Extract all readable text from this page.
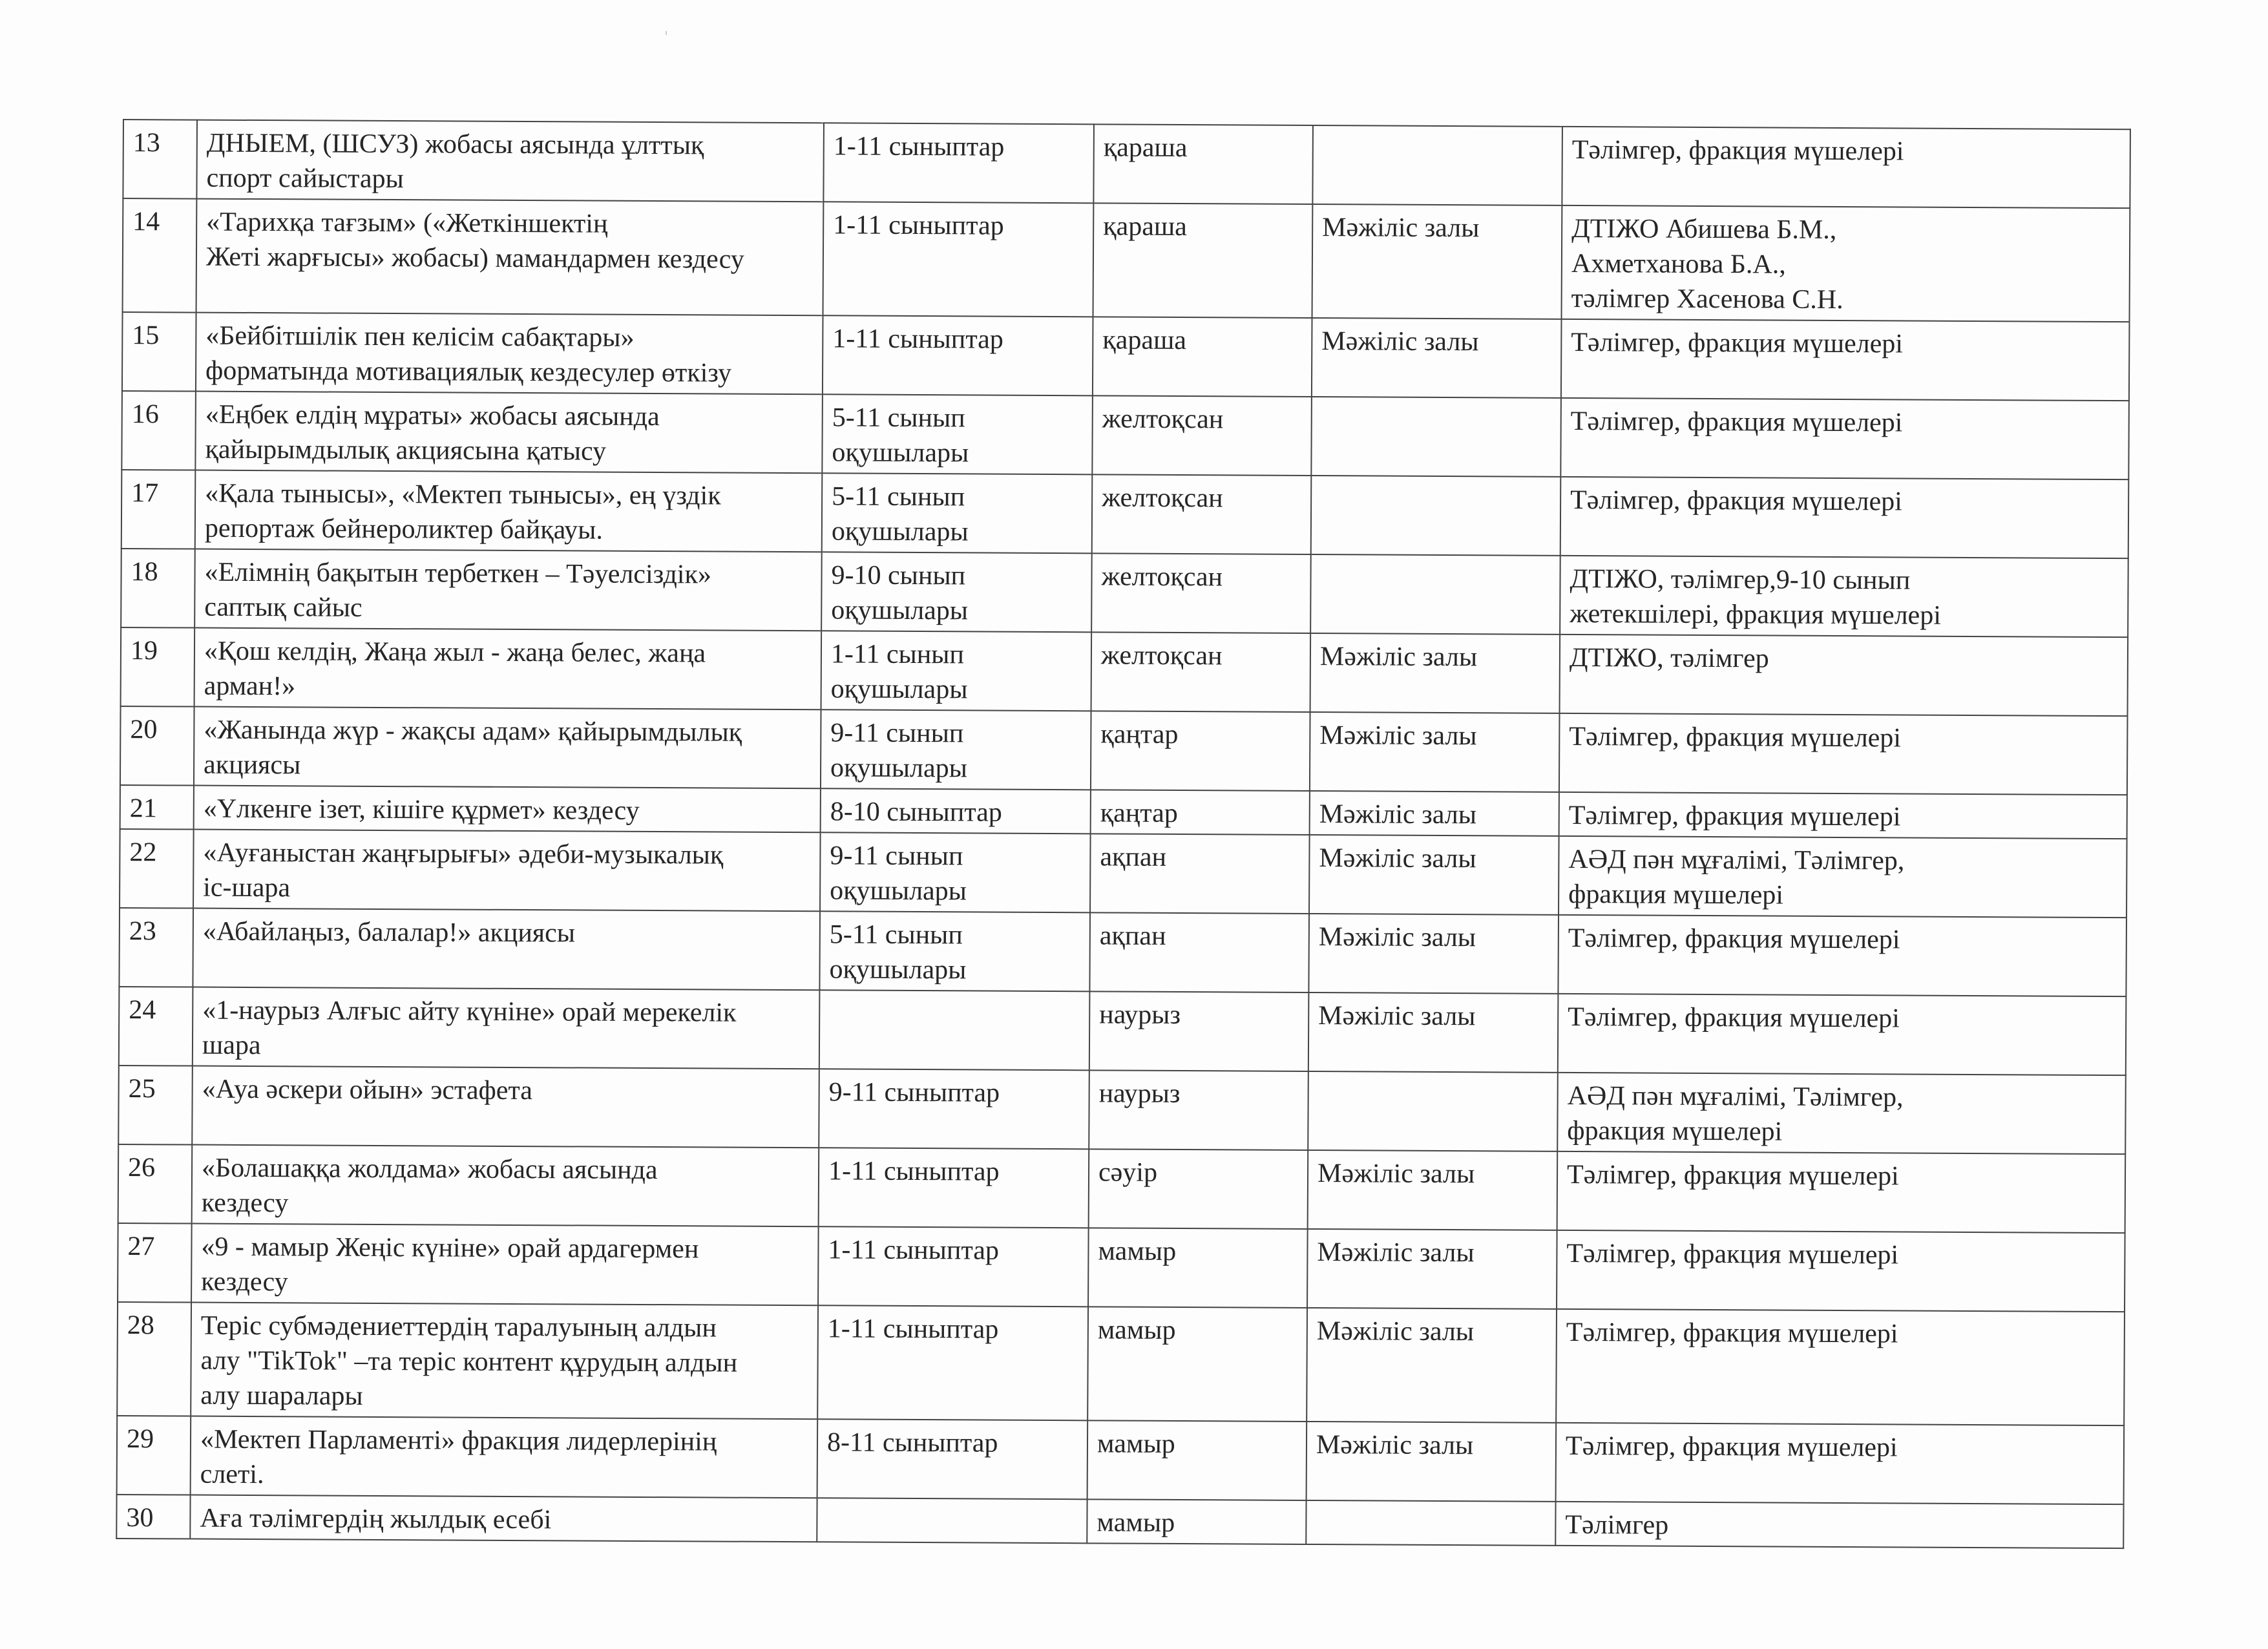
13	ДНЫЕМ, (ШСУЗ) жобасы аясында ұлттық
спорт сайыстары	1-11 сыныптар	қараша		Тәлімгер, фракция мүшелері

14	«Тарихқа тағзым» («Жеткіншектің
Жеті жарғысы» жобасы) мамандармен кездесу	1-11 сыныптар	қараша	Мәжіліс залы	ДТІЖО Абишева Б.М.,
Ахметханова Б.А.,
тәлімгер Хасенова С.Н.

15	«Бейбітшілік пен келісім сабақтары»
форматында мотивациялық кездесулер өткізу	1-11 сыныптар	қараша	Мәжіліс залы	Тәлімгер, фракция мүшелері

16	«Еңбек елдің мұраты» жобасы аясында
қайырымдылық акциясына қатысу	5-11 сынып
оқушылары	желтоқсан		Тәлімгер, фракция мүшелері

17	«Қала тынысы», «Мектеп тынысы», ең үздік
репортаж бейнероликтер байқауы.	5-11 сынып
оқушылары	желтоқсан		Тәлімгер, фракция мүшелері

18	«Елімнің бақытын тербеткен – Тәуелсіздік»
саптық сайыс	9-10 сынып
оқушылары	желтоқсан		ДТІЖО, тәлімгер,9-10 сынып
жетекшілері, фракция мүшелері

19	«Қош келдің, Жаңа жыл - жаңа белес, жаңа
арман!»	1-11 сынып
оқушылары	желтоқсан	Мәжіліс залы	ДТІЖО, тәлімгер

20	«Жанында жүр - жақсы адам» қайырымдылық
акциясы	9-11 сынып
оқушылары	қаңтар	Мәжіліс залы	Тәлімгер, фракция мүшелері

21	«Үлкенге ізет, кішіге құрмет» кездесу	8-10 сыныптар	қаңтар	Мәжіліс залы	Тәлімгер, фракция мүшелері

22	«Ауғаныстан жаңғырығы» әдеби-музыкалық
іс-шара	9-11 сынып
оқушылары	ақпан	Мәжіліс залы	АӘД пән мұғалімі, Тәлімгер,
фракция мүшелері

23	«Абайлаңыз, балалар!» акциясы	5-11 сынып
оқушылары	ақпан	Мәжіліс залы	Тәлімгер, фракция мүшелері

24	«1-наурыз Алғыс айту күніне» орай мерекелік
шара		наурыз	Мәжіліс залы	Тәлімгер, фракция мүшелері

25	«Ауа әскери ойын» эстафета	9-11 сыныптар	наурыз		АӘД пән мұғалімі, Тәлімгер,
фракция мүшелері

26	«Болашаққа жолдама» жобасы аясында
кездесу	1-11 сыныптар	сәуір	Мәжіліс залы	Тәлімгер, фракция мүшелері

27	«9 - мамыр Жеңіс күніне» орай ардагермен
кездесу	1-11 сыныптар	мамыр	Мәжіліс залы	Тәлімгер, фракция мүшелері

28	Теріс субмәдениеттердің таралуының алдын
алу "TikTok" –та теріс контент құрудың алдын
алу шаралары	1-11 сыныптар	мамыр	Мәжіліс залы	Тәлімгер, фракция мүшелері

29	«Мектеп Парламенті» фракция лидерлерінің
слеті.	8-11 сыныптар	мамыр	Мәжіліс залы	Тәлімгер, фракция мүшелері

30	Аға тәлімгердің жылдық есебі		мамыр		Тәлімгер
